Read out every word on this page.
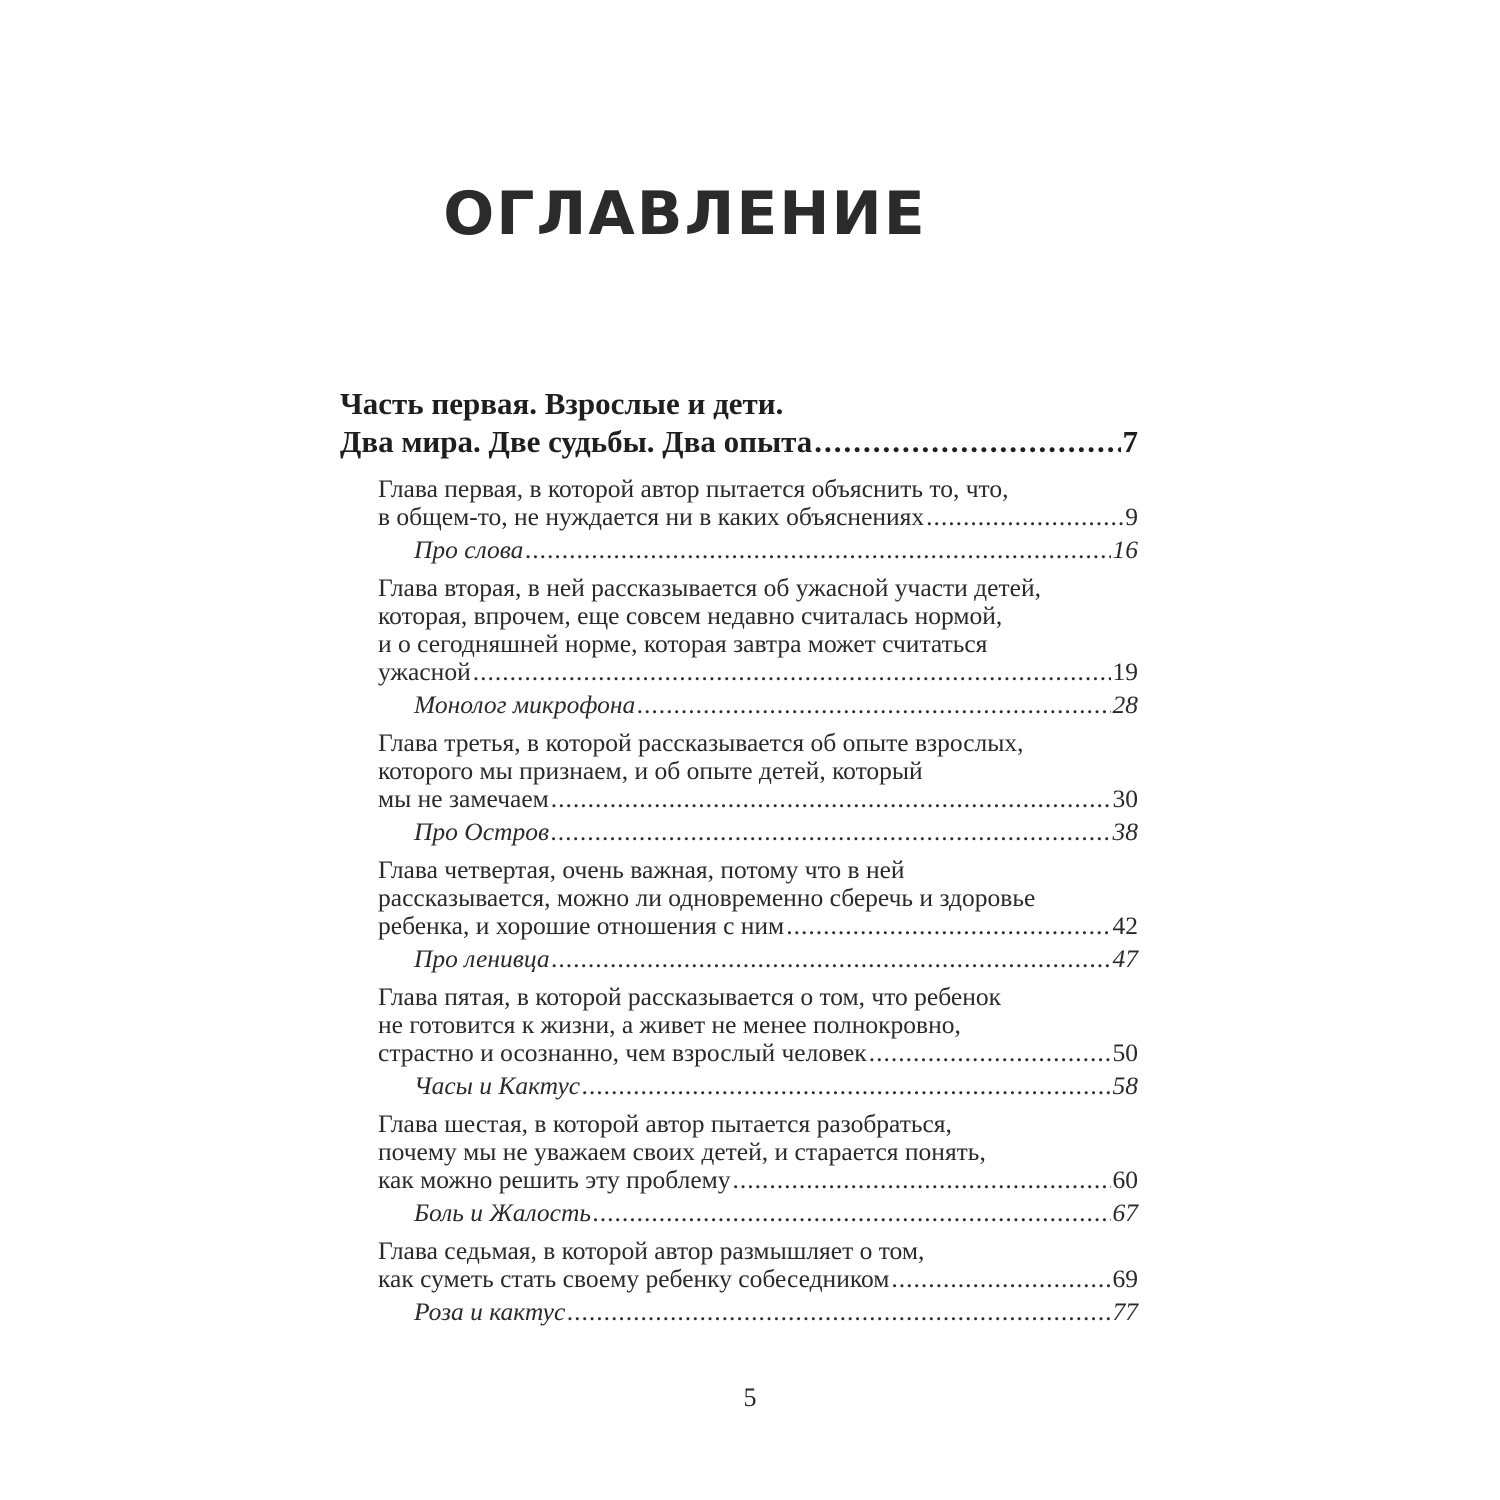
ОГЛАВЛЕНИЕ
Часть первая. Взрослые и дети.
Два мира. Две судьбы. Два опыта .....	7
Глава первая, в которой автор пытается объяснить то, что,
в общем-то, не нуждается ни в каких объяснениях .....	9
Про слова .....	16
Глава вторая, в ней рассказывается об ужасной участи детей,
которая, впрочем, еще совсем недавно считалась нормой,
и о сегодняшней норме, которая завтра может считаться
ужасной .....	19
Монолог микрофона .....	28
Глава третья, в которой рассказывается об опыте взрослых,
которого мы признаем, и об опыте детей, который
мы не замечаем .....	30
Про Остров .....	38
Глава четвертая, очень важная, потому что в ней
рассказывается, можно ли одновременно сберечь и здоровье
ребенка, и хорошие отношения с ним .....	42
Про ленивца .....	47
Глава пятая, в которой рассказывается о том, что ребенок
не готовится к жизни, а живет не менее полнокровно,
страстно и осознанно, чем взрослый человек .....	50
Часы и Кактус .....	58
Глава шестая, в которой автор пытается разобраться,
почему мы не уважаем своих детей, и старается понять,
как можно решить эту проблему .....	60
Боль и Жалость .....	67
Глава седьмая, в которой автор размышляет о том,
как суметь стать своему ребенку собеседником .....	69
Роза и кактус .....	77
5
